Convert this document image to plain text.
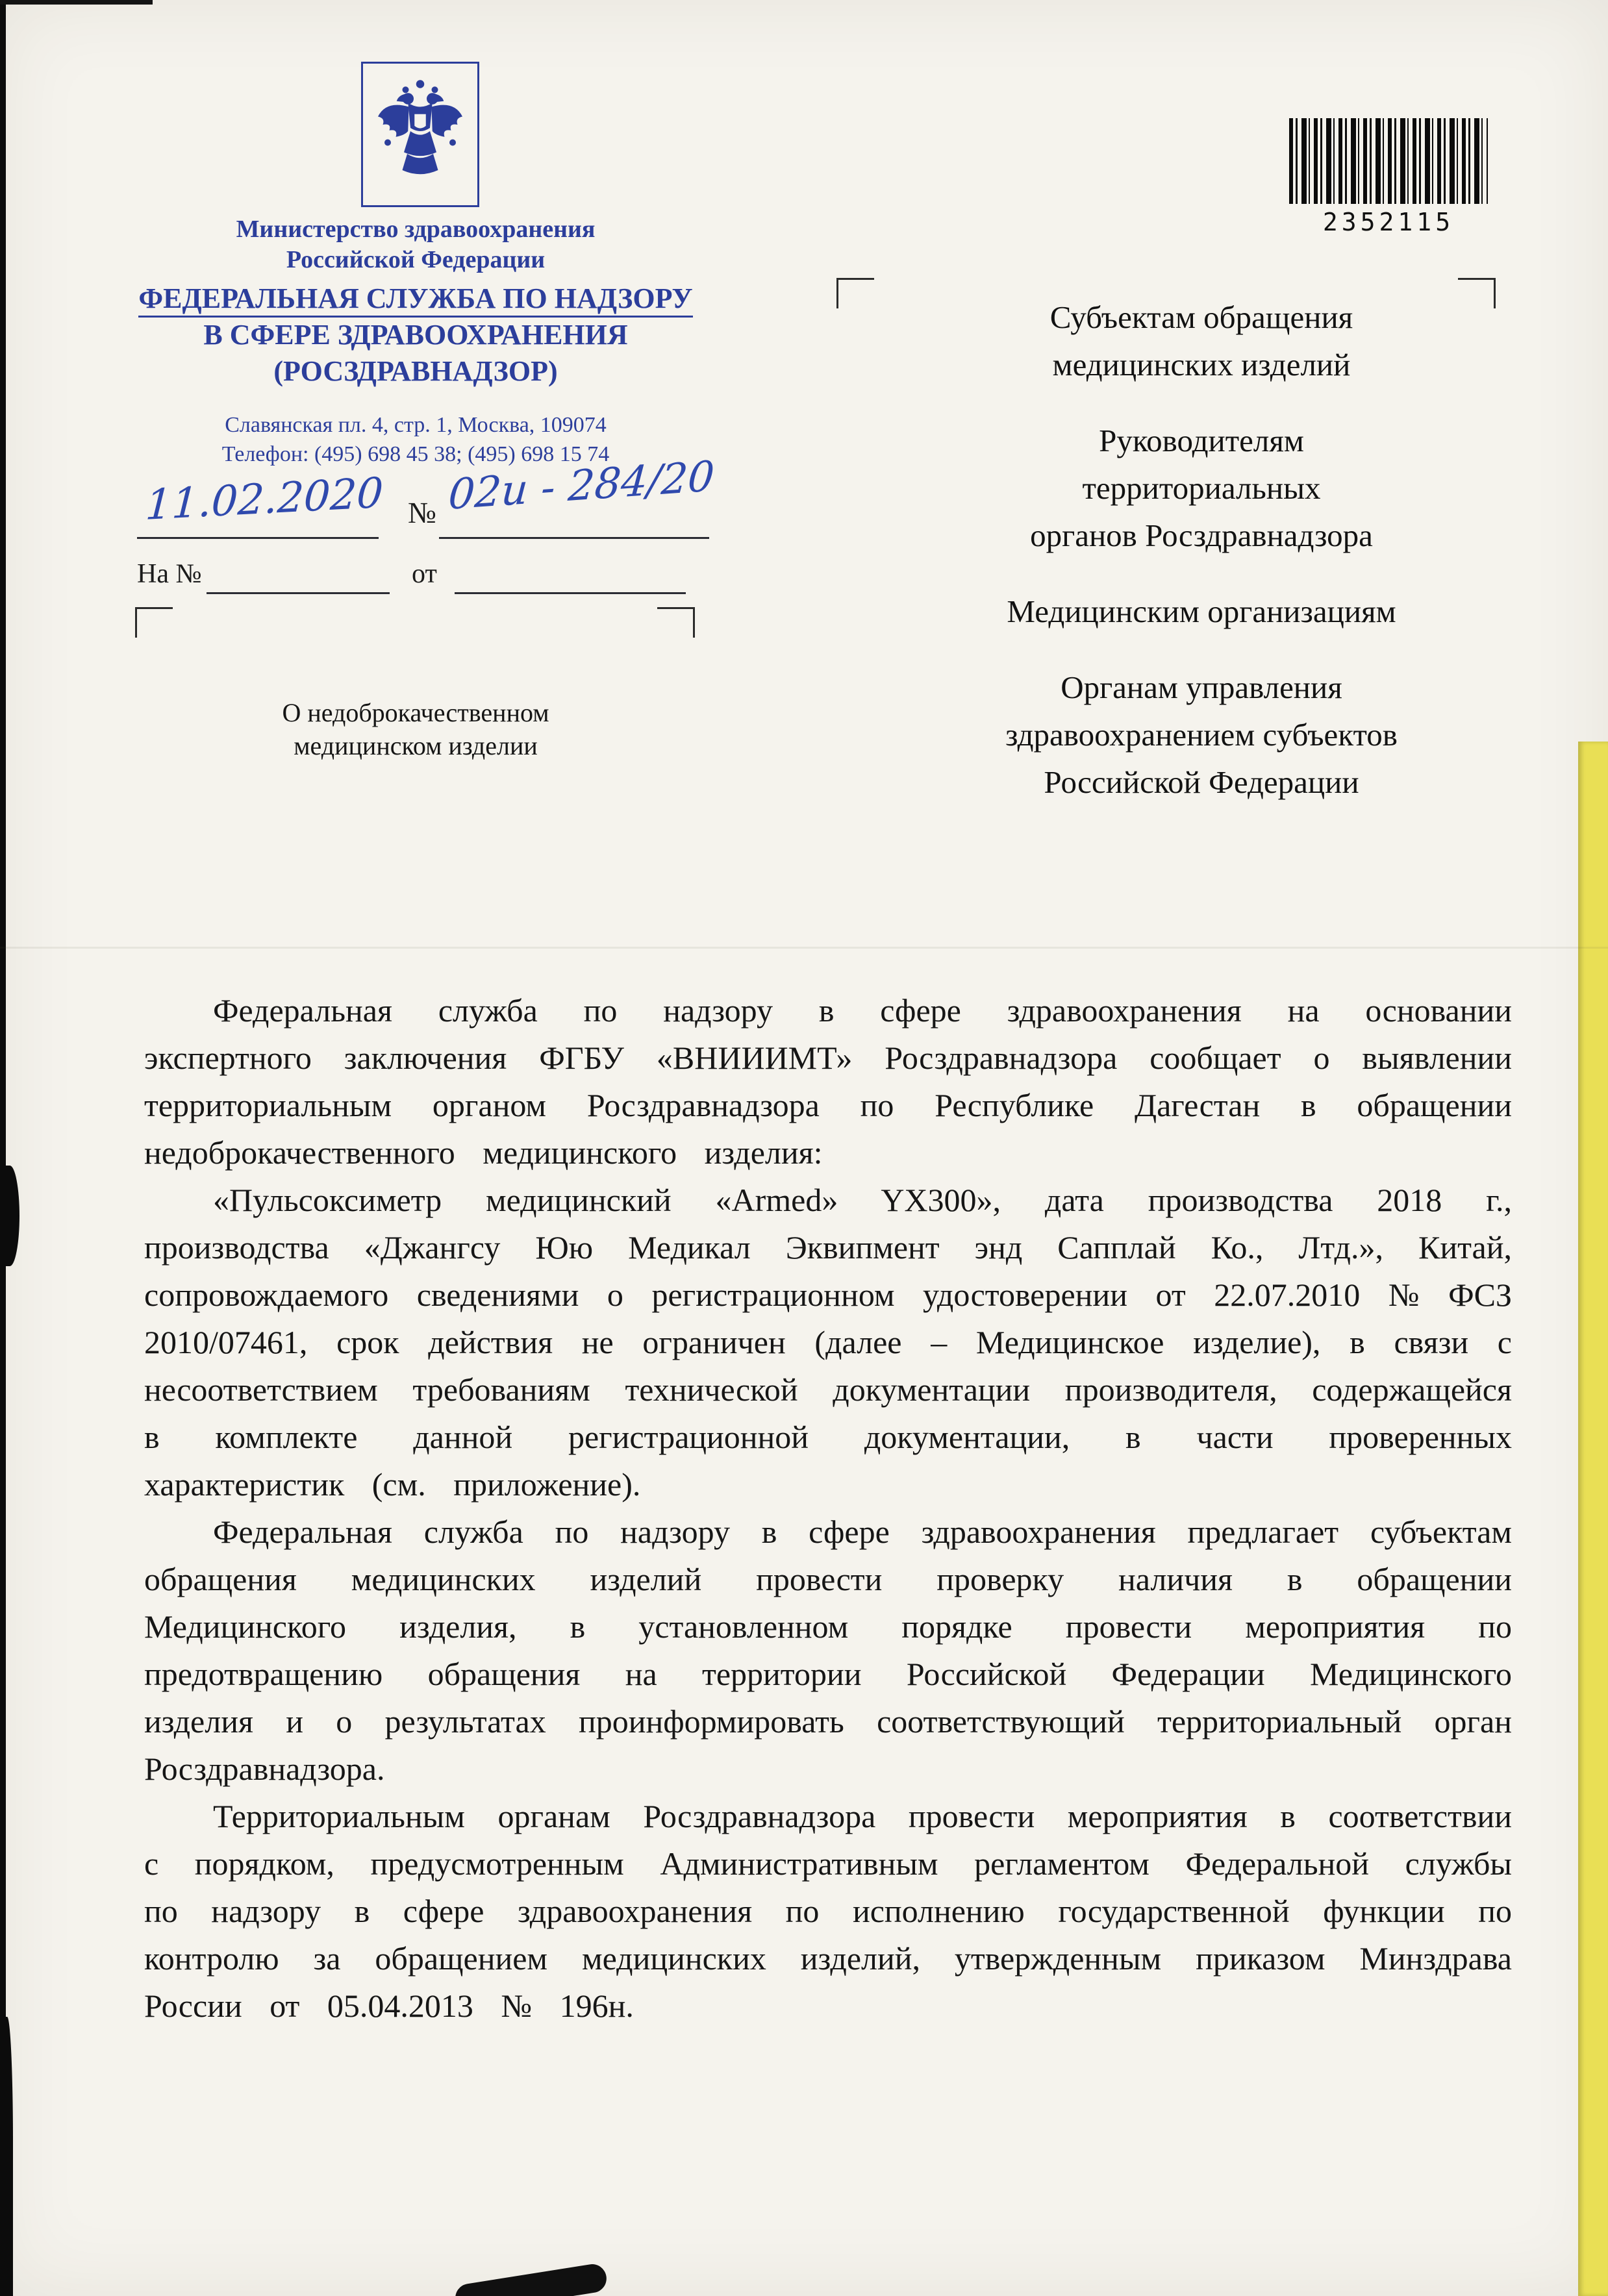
Министерство здравоохранения
Российской Федерации
ФЕДЕРАЛЬНАЯ СЛУЖБА ПО НАДЗОРУ
В СФЕРЕ ЗДРАВООХРАНЕНИЯ
(РОСЗДРАВНАДЗОР)
Славянская пл. 4, стр. 1, Москва, 109074
Телефон: (495) 698 45 38; (495) 698 15 74
11.02.2020 № 02и - 284/20
На №	от
О недоброкачественном медицинском изделии
2352115
Субъектам обращения
медицинских изделий
Руководителям
территориальных
органов Росздравнадзора
Медицинским организациям
Органам управления
здравоохранением субъектов
Российской Федерации

Федеральная служба по надзору в сфере здравоохранения на основании экспертного заключения ФГБУ «ВНИИИМТ» Росздравнадзора сообщает о выявлении территориальным органом Росздравнадзора по Республике Дагестан в обращении недоброкачественного медицинского изделия:

«Пульсоксиметр медицинский «Armed» YX300», дата производства 2018 г., производства «Джангсу Юю Медикал Эквипмент энд Сапплай Ко., Лтд.», Китай, сопровождаемого сведениями о регистрационном удостоверении от 22.07.2010 № ФСЗ 2010/07461, срок действия не ограничен (далее – Медицинское изделие), в связи с несоответствием требованиям технической документации производителя, содержащейся в комплекте данной регистрационной документации, в части проверенных характеристик (см. приложение).

Федеральная служба по надзору в сфере здравоохранения предлагает субъектам обращения медицинских изделий провести проверку наличия в обращении Медицинского изделия, в установленном порядке провести мероприятия по предотвращению обращения на территории Российской Федерации Медицинского изделия и о результатах проинформировать соответствующий территориальный орган Росздравнадзора.

Территориальным органам Росздравнадзора провести мероприятия в соответствии с порядком, предусмотренным Административным регламентом Федеральной службы по надзору в сфере здравоохранения по исполнению государственной функции по контролю за обращением медицинских изделий, утвержденным приказом Минздрава России от 05.04.2013 № 196н.
